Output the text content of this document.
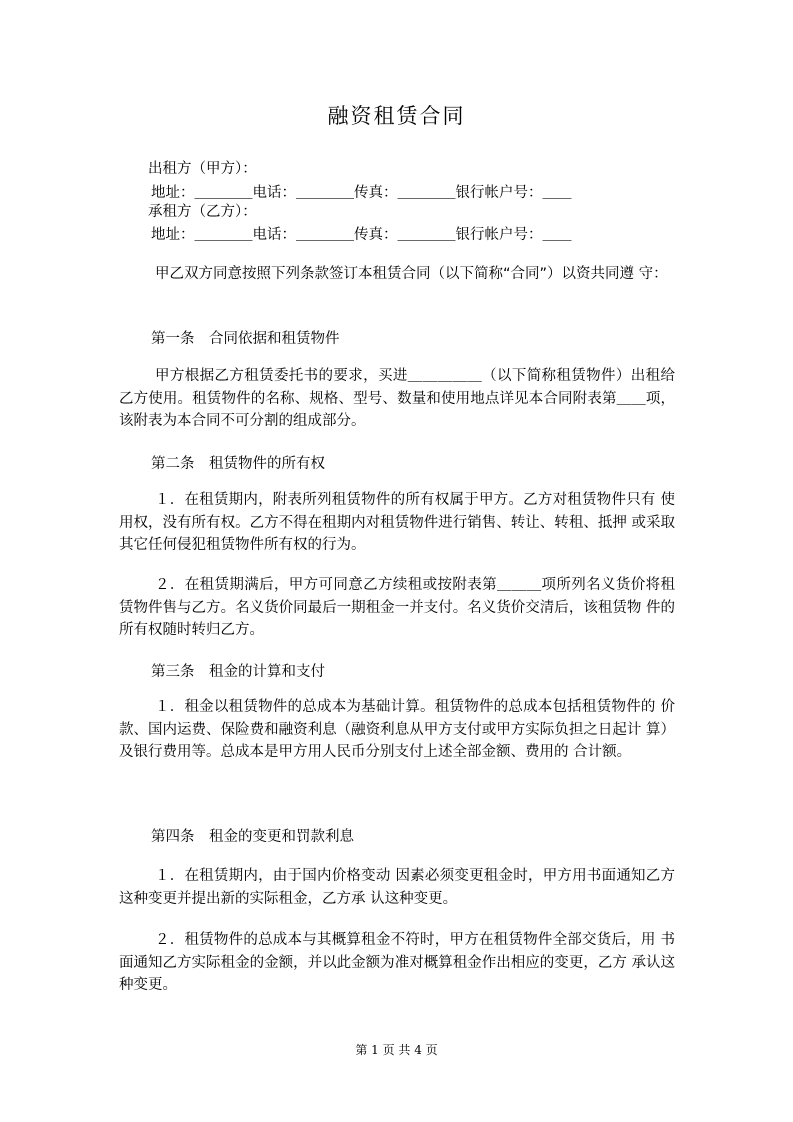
融资租赁合同
出租方（甲方）：
地址：＿＿＿＿电话：＿＿＿＿传真：＿＿＿＿银行帐户号：＿＿
承租方（乙方）：
地址：＿＿＿＿电话：＿＿＿＿传真：＿＿＿＿银行帐户号：＿＿
甲乙双方同意按照下列条款签订本租赁合同（以下简称“合同”）以资共同遵 守：
第一条　合同依据和租赁物件
甲方根据乙方租赁委托书的要求，买进＿＿＿＿＿（以下简称租赁物件）出租给 乙方使用。租赁物件的名称、规格、型号、数量和使用地点详见本合同附表第＿＿项，该附表为本合同不可分割的组成部分。
第二条　租赁物件的所有权
１．在租赁期内，附表所列租赁物件的所有权属于甲方。乙方对租赁物件只有 使用权，没有所有权。乙方不得在租期内对租赁物件进行销售、转让、转租、抵押 或采取其它任何侵犯租赁物件所有权的行为。
２．在租赁期满后，甲方可同意乙方续租或按附表第＿＿＿项所列名义货价将租 赁物件售与乙方。名义货价同最后一期租金一并支付。名义货价交清后，该租赁物 件的所有权随时转归乙方。
第三条　租金的计算和支付
１．租金以租赁物件的总成本为基础计算。租赁物件的总成本包括租赁物件的 价款、国内运费、保险费和融资利息（融资利息从甲方支付或甲方实际负担之日起计 算）及银行费用等。总成本是甲方用人民币分别支付上述全部金额、费用的 合计额。
第四条　租金的变更和罚款利息
１．在租赁期内，由于国内价格变动 因素必须变更租金时，甲方用书面通知乙方这种变更并提出新的实际租金，乙方承 认这种变更。
２．租赁物件的总成本与其概算租金不符时，甲方在租赁物件全部交货后，用 书面通知乙方实际租金的金额，并以此金额为准对概算租金作出相应的变更，乙方 承认这种变更。
第 1 页 共 4 页
